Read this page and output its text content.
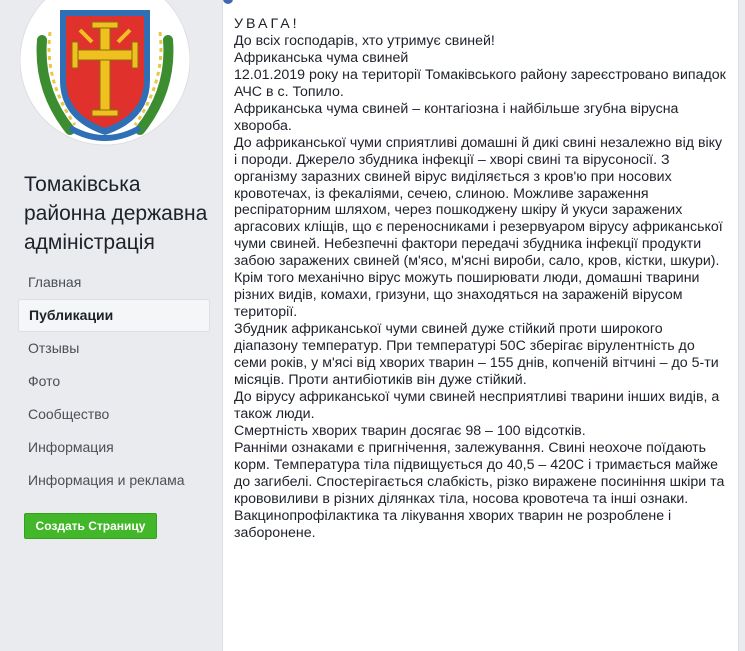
Томаківська районна державна адміністрація
Главная
Публикации
Отзывы
Фото
Сообщество
Информация
Информация и реклама
Создать Страницу

УВАГА!

До всіх господарів, хто утримує свиней!

Африканська чума свиней

12.01.2019 року на території Томаківського району зареєстровано випадок АЧС в с. Топило.

Африканська чума свиней – контагіозна і найбільше згубна вірусна хвороба.

До африканської чуми сприятливі домашні й дикі свині незалежно від віку і породи. Джерело збудника інфекції – хворі свині та вірусоносії. З організму заразних свиней вірус виділяється з кров'ю при носових кровотечах, із фекаліями, сечею, слиною. Можливе зараження респіраторним шляхом, через пошкоджену шкіру й укуси заражених аргасових кліщів, що є переносниками і резервуаром вірусу африканської чуми свиней. Небезпечні фактори передачі збудника інфекції продукти забою заражених свиней (м'ясо, м'ясні вироби, сало, кров, кістки, шкури). Крім того механічно вірус можуть поширювати люди, домашні тварини різних видів, комахи, гризуни, що знаходяться на зараженій вірусом території.

Збудник африканської чуми свиней дуже стійкий проти широкого діапазону температур. При температурі 50С зберігає вірулентність до семи років, у м'ясі від хворих тварин – 155 днів, копченій вітчині – до 5-ти місяців. Проти антибіотиків він дуже стійкий.

До вірусу африканської чуми свиней несприятливі тварини інших видів, а також люди.

Смертність хворих тварин досягає 98 – 100 відсотків.

Ранніми ознаками є пригнічення, залежування. Свині неохоче поїдають корм. Температура тіла підвищується до 40,5 – 420С і тримається майже до загибелі. Спостерігається слабкість, різко виражене посиніння шкіри та крововиливи в різних ділянках тіла, носова кровотеча та інші ознаки.

Вакцинопрофілактика та лікування хворих тварин не розроблене і заборонене.
